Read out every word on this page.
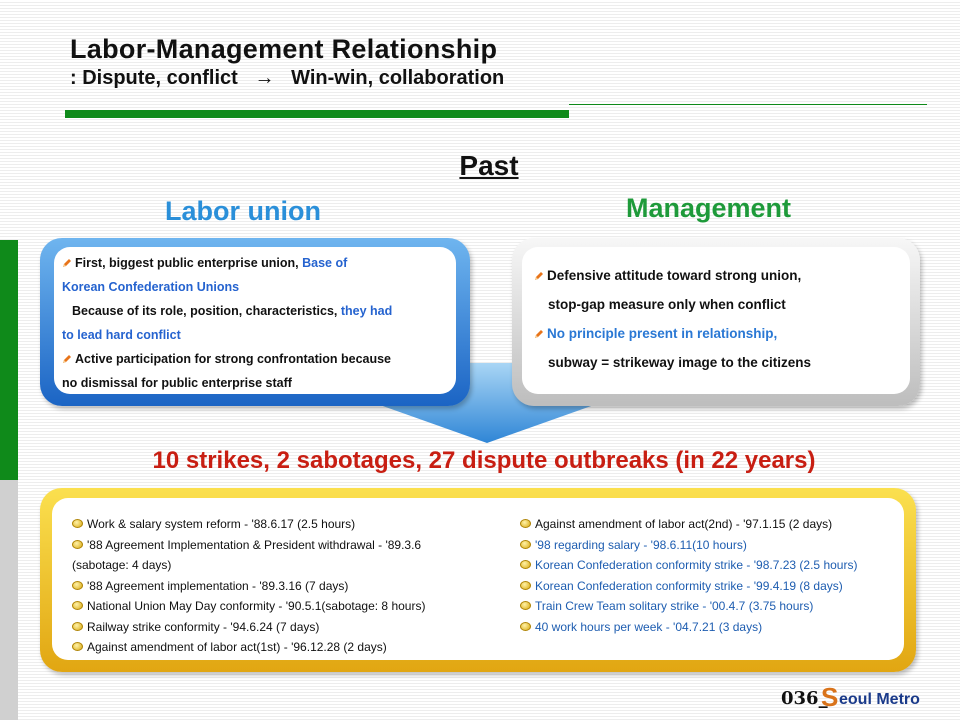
Labor-Management Relationship
: Dispute, conflict   →   Win-win, collaboration
Past
Labor union	Management
First, biggest public enterprise union, Base of
Korean Confederation Unions
Because of its role, position, characteristics, they had
to lead hard conflict
Active participation for strong confrontation because
no dismissal for public enterprise staff
Defensive attitude toward strong union,
stop-gap measure only when conflict
No principle present in relationship,
subway = strikeway image to the citizens
10 strikes, 2 sabotages, 27 dispute outbreaks (in 22 years)
Work & salary system reform - '88.6.17 (2.5 hours)
'88 Agreement Implementation & President withdrawal - '89.3.6
(sabotage: 4 days)
'88 Agreement implementation - '89.3.16 (7 days)
National Union May Day conformity - '90.5.1(sabotage: 8 hours)
Railway strike conformity - '94.6.24 (7 days)
Against amendment of labor act(1st) - '96.12.28 (2 days)
Against amendment of labor act(2nd) - '97.1.15 (2 days)
'98 regarding salary - '98.6.11(10 hours)
Korean Confederation conformity strike - '98.7.23 (2.5 hours)
Korean Confederation conformity strike - '99.4.19 (8 days)
Train Crew Team solitary strike - '00.4.7 (3.75 hours)
40 work hours per week - '04.7.21 (3 days)
036_
S eoul Metro
